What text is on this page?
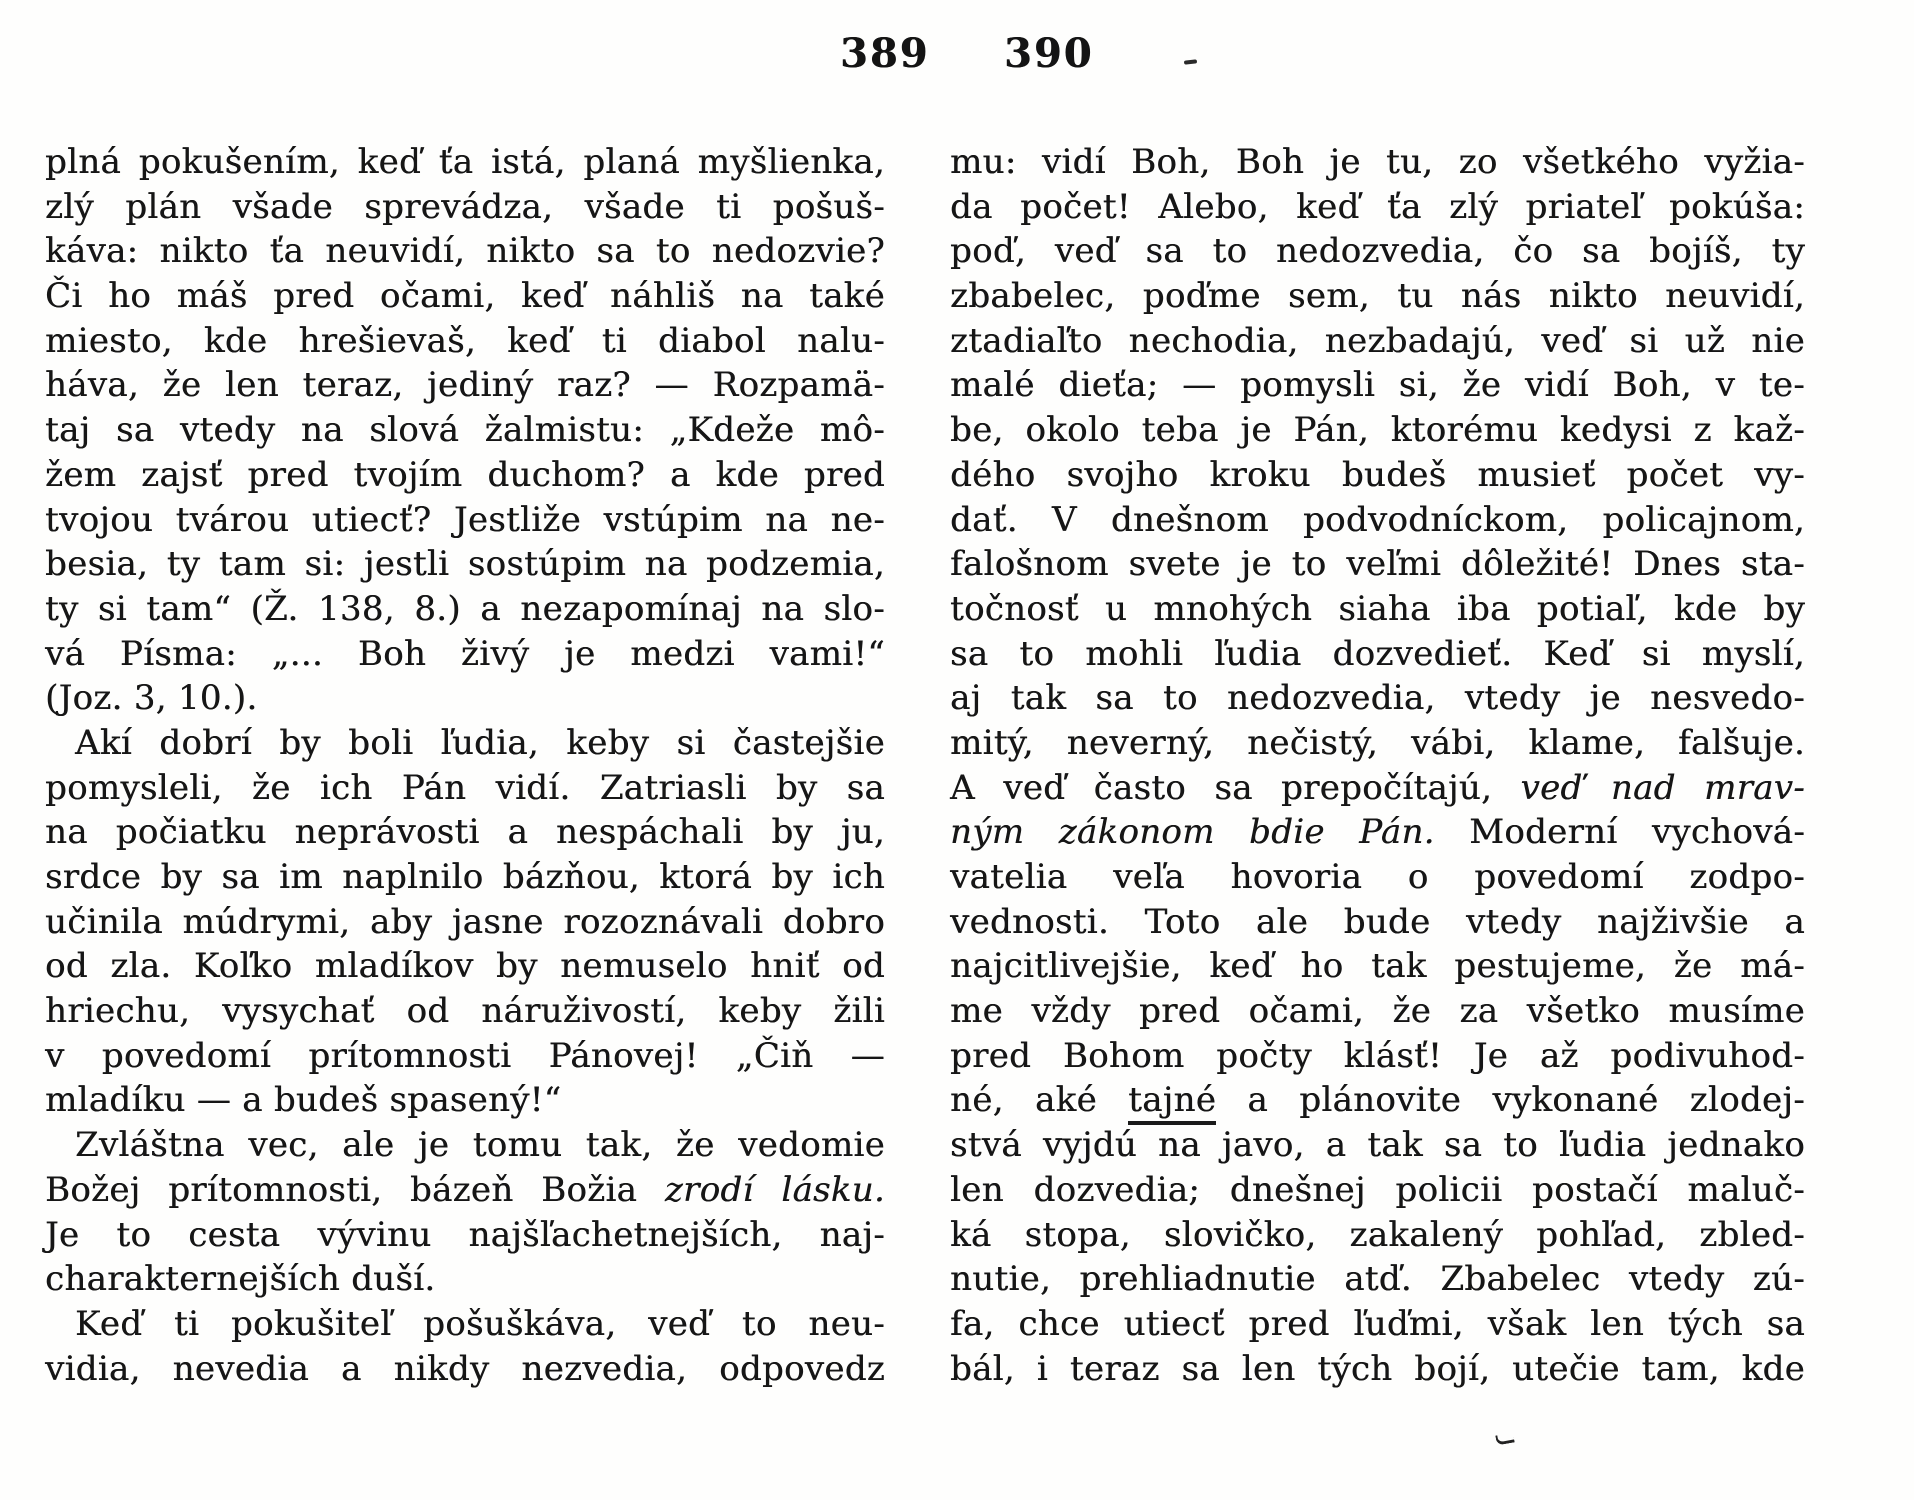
389 390
plná pokušením, keď ťa istá, planá myšlienka,
zlý plán všade sprevádza, všade ti pošuš-
káva: nikto ťa neuvidí, nikto sa to nedozvie?
Či ho máš pred očami, keď náhliš na také
miesto, kde hrešievaš, keď ti diabol nalu-
háva, že len teraz, jediný raz? — Rozpamä-
taj sa vtedy na slová žalmistu: „Kdeže mô-
žem zajsť pred tvojím duchom? a kde pred
tvojou tvárou utiecť? Jestliže vstúpim na ne-
besia, ty tam si: jestli sostúpim na podzemia,
ty si tam“ (Ž. 138, 8.) a nezapomínaj na slo-
vá Písma: „... Boh živý je medzi vami!“
(Joz. 3, 10.).
Akí dobrí by boli ľudia, keby si častejšie
pomysleli, že ich Pán vidí. Zatriasli by sa
na počiatku neprávosti a nespáchali by ju,
srdce by sa im naplnilo bázňou, ktorá by ich
učinila múdrymi, aby jasne rozoznávali dobro
od zla. Koľko mladíkov by nemuselo hniť od
hriechu, vysychať od náruživostí, keby žili
v povedomí prítomnosti Pánovej! „Čiň —
mladíku — a budeš spasený!“
Zvláštna vec, ale je tomu tak, že vedomie
Božej prítomnosti, bázeň Božia zrodí lásku.
Je to cesta vývinu najšľachetnejších, naj-
charakternejších duší.
Keď ti pokušiteľ pošuškáva, veď to neu-
vidia, nevedia a nikdy nezvedia, odpovedz
mu: vidí Boh, Boh je tu, zo všetkého vyžia-
da počet! Alebo, keď ťa zlý priateľ pokúša:
poď, veď sa to nedozvedia, čo sa bojíš, ty
zbabelec, poďme sem, tu nás nikto neuvidí,
ztadiaľto nechodia, nezbadajú, veď si už nie
malé dieťa; — pomysli si, že vidí Boh, v te-
be, okolo teba je Pán, ktorému kedysi z kaž-
dého svojho kroku budeš musieť počet vy-
dať. V dnešnom podvodníckom, policajnom,
falošnom svete je to veľmi dôležité! Dnes sta-
točnosť u mnohých siaha iba potiaľ, kde by
sa to mohli ľudia dozvedieť. Keď si myslí,
aj tak sa to nedozvedia, vtedy je nesvedo-
mitý, neverný, nečistý, vábi, klame, falšuje.
A veď často sa prepočítajú, veď nad mrav-
ným zákonom bdie Pán. Moderní vychová-
vatelia veľa hovoria o povedomí zodpo-
vednosti. Toto ale bude vtedy najživšie a
najcitlivejšie, keď ho tak pestujeme, že má-
me vždy pred očami, že za všetko musíme
pred Bohom počty klásť! Je až podivuhod-
né, aké tajné a plánovite vykonané zlodej-
stvá vyjdú na javo, a tak sa to ľudia jednako
len dozvedia; dnešnej policii postačí maluč-
ká stopa, slovičko, zakalený pohľad, zbled-
nutie, prehliadnutie atď. Zbabelec vtedy zú-
fa, chce utiecť pred ľuďmi, však len tých sa
bál, i teraz sa len tých bojí, utečie tam, kde
